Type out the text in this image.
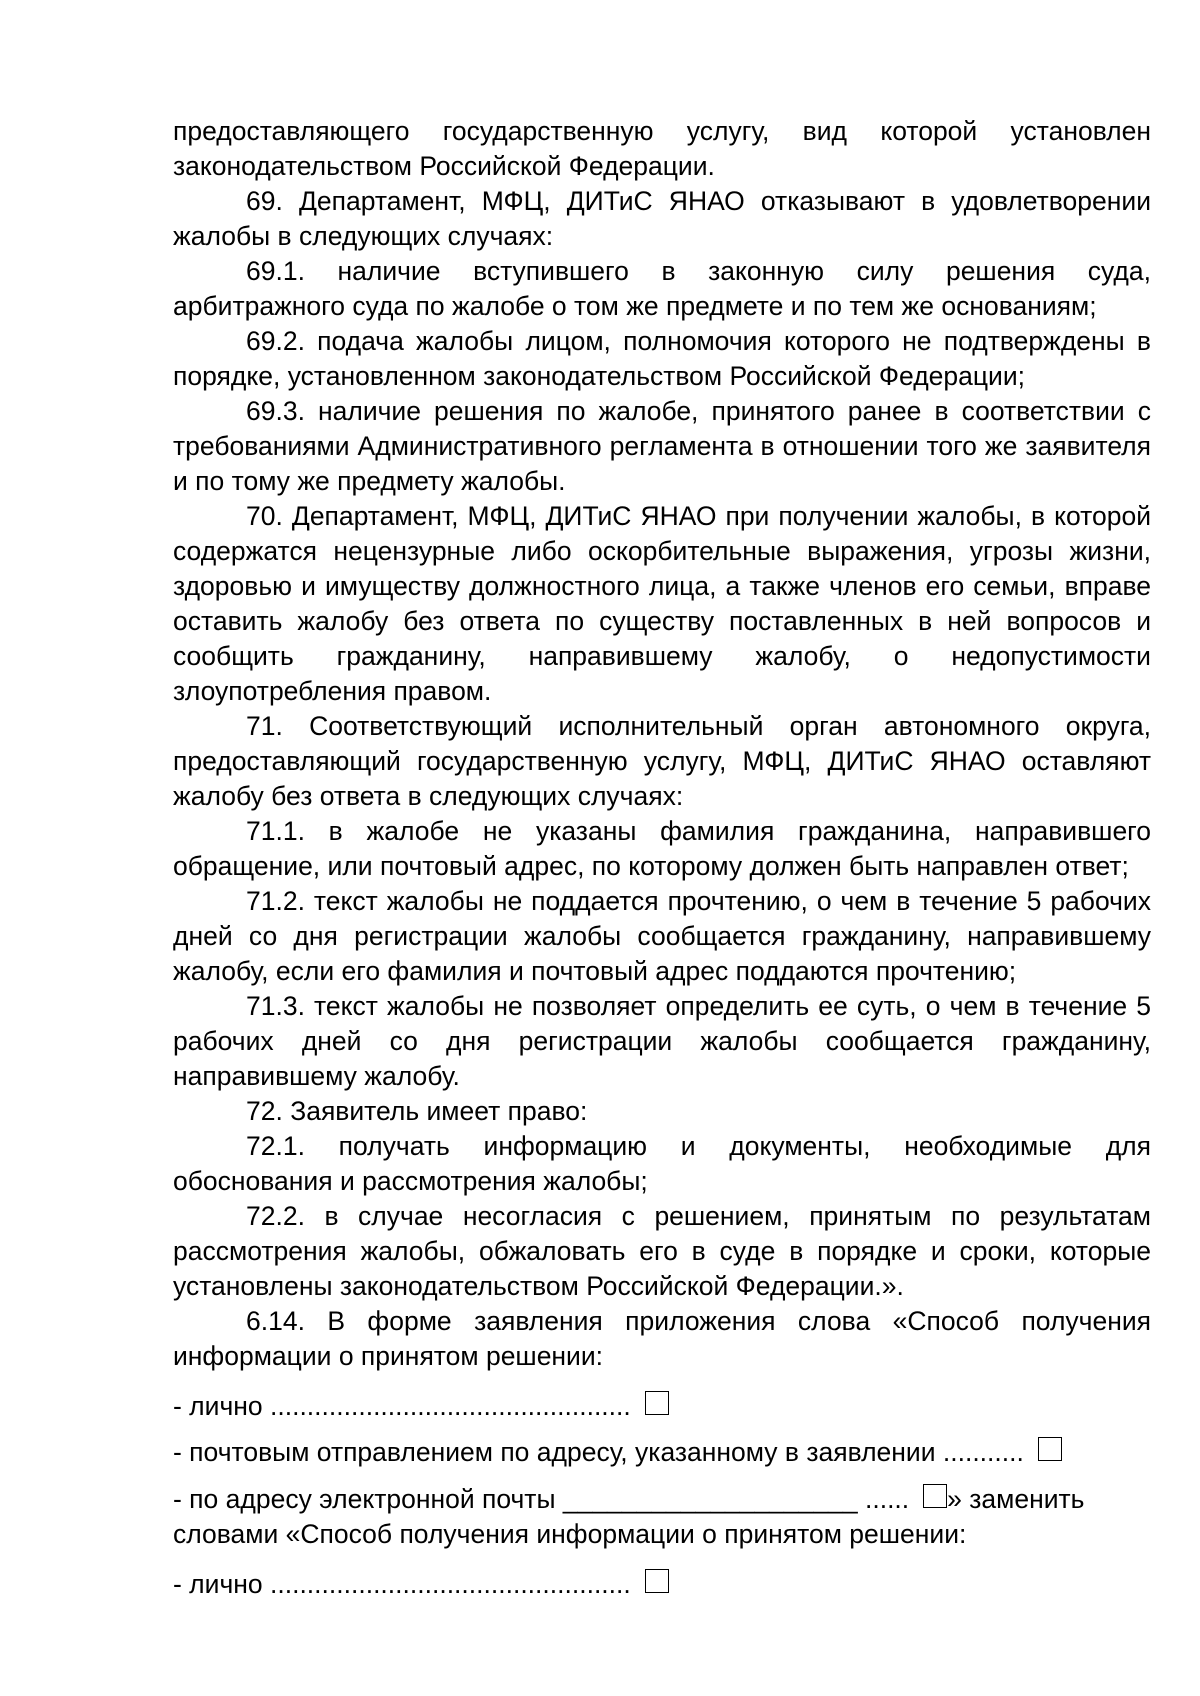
предоставляющего государственную услугу, вид которой установлен законодательством Российской Федерации.

69. Департамент, МФЦ, ДИТиС ЯНАО отказывают в удовлетворении жалобы в следующих случаях:

69.1. наличие вступившего в законную силу решения суда, арбитражного суда по жалобе о том же предмете и по тем же основаниям;

69.2. подача жалобы лицом, полномочия которого не подтверждены в порядке, установленном законодательством Российской Федерации;

69.3. наличие решения по жалобе, принятого ранее в соответствии с требованиями Административного регламента в отношении того же заявителя и по тому же предмету жалобы.

70. Департамент, МФЦ, ДИТиС ЯНАО при получении жалобы, в которой содержатся нецензурные либо оскорбительные выражения, угрозы жизни, здоровью и имуществу должностного лица, а также членов его семьи, вправе оставить жалобу без ответа по существу поставленных в ней вопросов и сообщить гражданину, направившему жалобу, о недопустимости злоупотребления правом.

71. Соответствующий исполнительный орган автономного округа, предоставляющий государственную услугу, МФЦ, ДИТиС ЯНАО оставляют жалобу без ответа в следующих случаях:

71.1. в жалобе не указаны фамилия гражданина, направившего обращение, или почтовый адрес, по которому должен быть направлен ответ;

71.2. текст жалобы не поддается прочтению, о чем в течение 5 рабочих дней со дня регистрации жалобы сообщается гражданину, направившему жалобу, если его фамилия и почтовый адрес поддаются прочтению;

71.3. текст жалобы не позволяет определить ее суть, о чем в течение 5 рабочих дней со дня регистрации жалобы сообщается гражданину, направившему жалобу.

72. Заявитель имеет право:

72.1. получать информацию и документы, необходимые для обоснования и рассмотрения жалобы;

72.2. в случае несогласия с решением, принятым по результатам рассмотрения жалобы, обжаловать его в суде в порядке и сроки, которые установлены законодательством Российской Федерации.».

6.14. В форме заявления приложения слова «Способ получения информации о принятом решении:

- лично .................................................

- почтовым отправлением по адресу, указанному в заявлении ...........

- по адресу электронной почты ____________________ ...... » заменить

словами «Способ получения информации о принятом решении:

- лично .................................................
